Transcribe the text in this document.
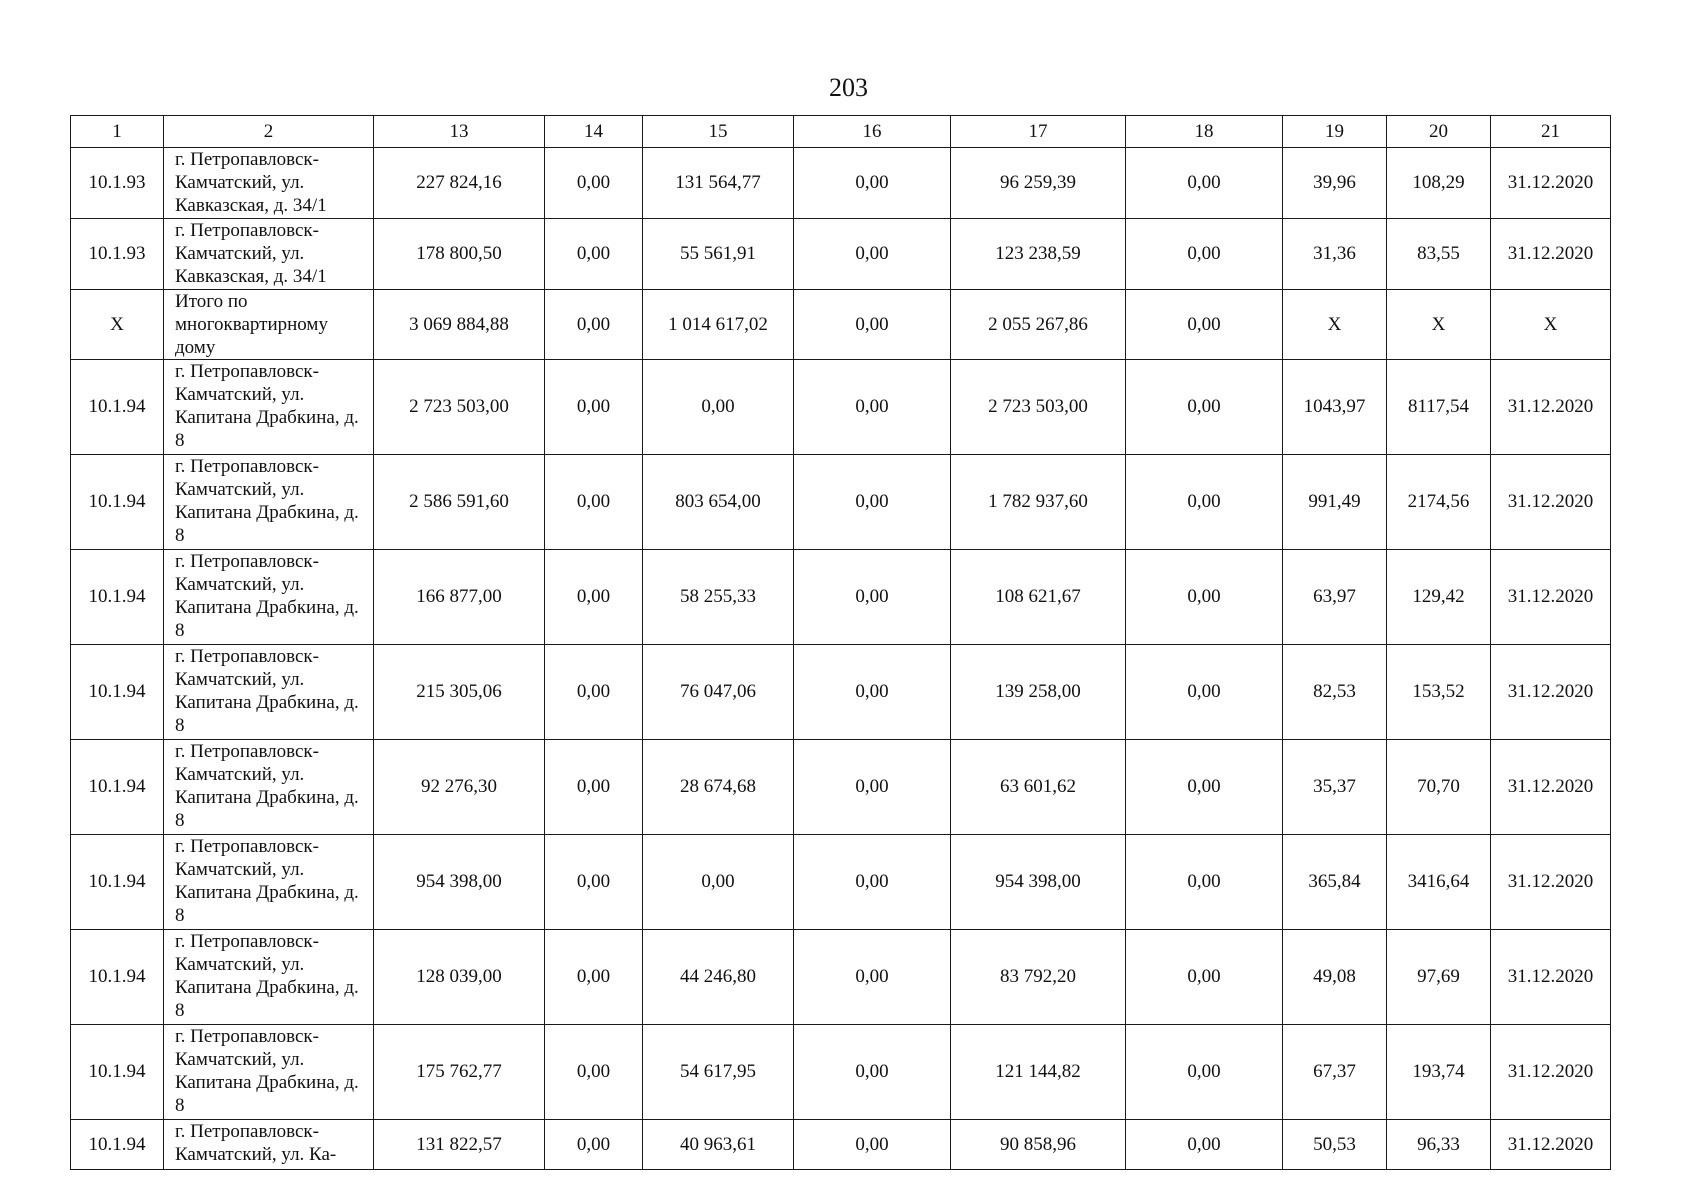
203
1	2	13	14	15	16	17	18	19	20	21
10.1.93	г. Петропавловск-Камчатский, ул. Кавказская, д. 34/1	227 824,16	0,00	131 564,77	0,00	96 259,39	0,00	39,96	108,29	31.12.2020
10.1.93	г. Петропавловск-Камчатский, ул. Кавказская, д. 34/1	178 800,50	0,00	55 561,91	0,00	123 238,59	0,00	31,36	83,55	31.12.2020
X	Итого по многоквартирному дому	3 069 884,88	0,00	1 014 617,02	0,00	2 055 267,86	0,00	X	X	X
10.1.94	г. Петропавловск-Камчатский, ул. Капитана Драбкина, д. 8	2 723 503,00	0,00	0,00	0,00	2 723 503,00	0,00	1043,97	8117,54	31.12.2020
10.1.94	г. Петропавловск-Камчатский, ул. Капитана Драбкина, д. 8	2 586 591,60	0,00	803 654,00	0,00	1 782 937,60	0,00	991,49	2174,56	31.12.2020
10.1.94	г. Петропавловск-Камчатский, ул. Капитана Драбкина, д. 8	166 877,00	0,00	58 255,33	0,00	108 621,67	0,00	63,97	129,42	31.12.2020
10.1.94	г. Петропавловск-Камчатский, ул. Капитана Драбкина, д. 8	215 305,06	0,00	76 047,06	0,00	139 258,00	0,00	82,53	153,52	31.12.2020
10.1.94	г. Петропавловск-Камчатский, ул. Капитана Драбкина, д. 8	92 276,30	0,00	28 674,68	0,00	63 601,62	0,00	35,37	70,70	31.12.2020
10.1.94	г. Петропавловск-Камчатский, ул. Капитана Драбкина, д. 8	954 398,00	0,00	0,00	0,00	954 398,00	0,00	365,84	3416,64	31.12.2020
10.1.94	г. Петропавловск-Камчатский, ул. Капитана Драбкина, д. 8	128 039,00	0,00	44 246,80	0,00	83 792,20	0,00	49,08	97,69	31.12.2020
10.1.94	г. Петропавловск-Камчатский, ул. Капитана Драбкина, д. 8	175 762,77	0,00	54 617,95	0,00	121 144,82	0,00	67,37	193,74	31.12.2020
10.1.94	г. Петропавловск-Камчатский, ул. Ка-	131 822,57	0,00	40 963,61	0,00	90 858,96	0,00	50,53	96,33	31.12.2020
